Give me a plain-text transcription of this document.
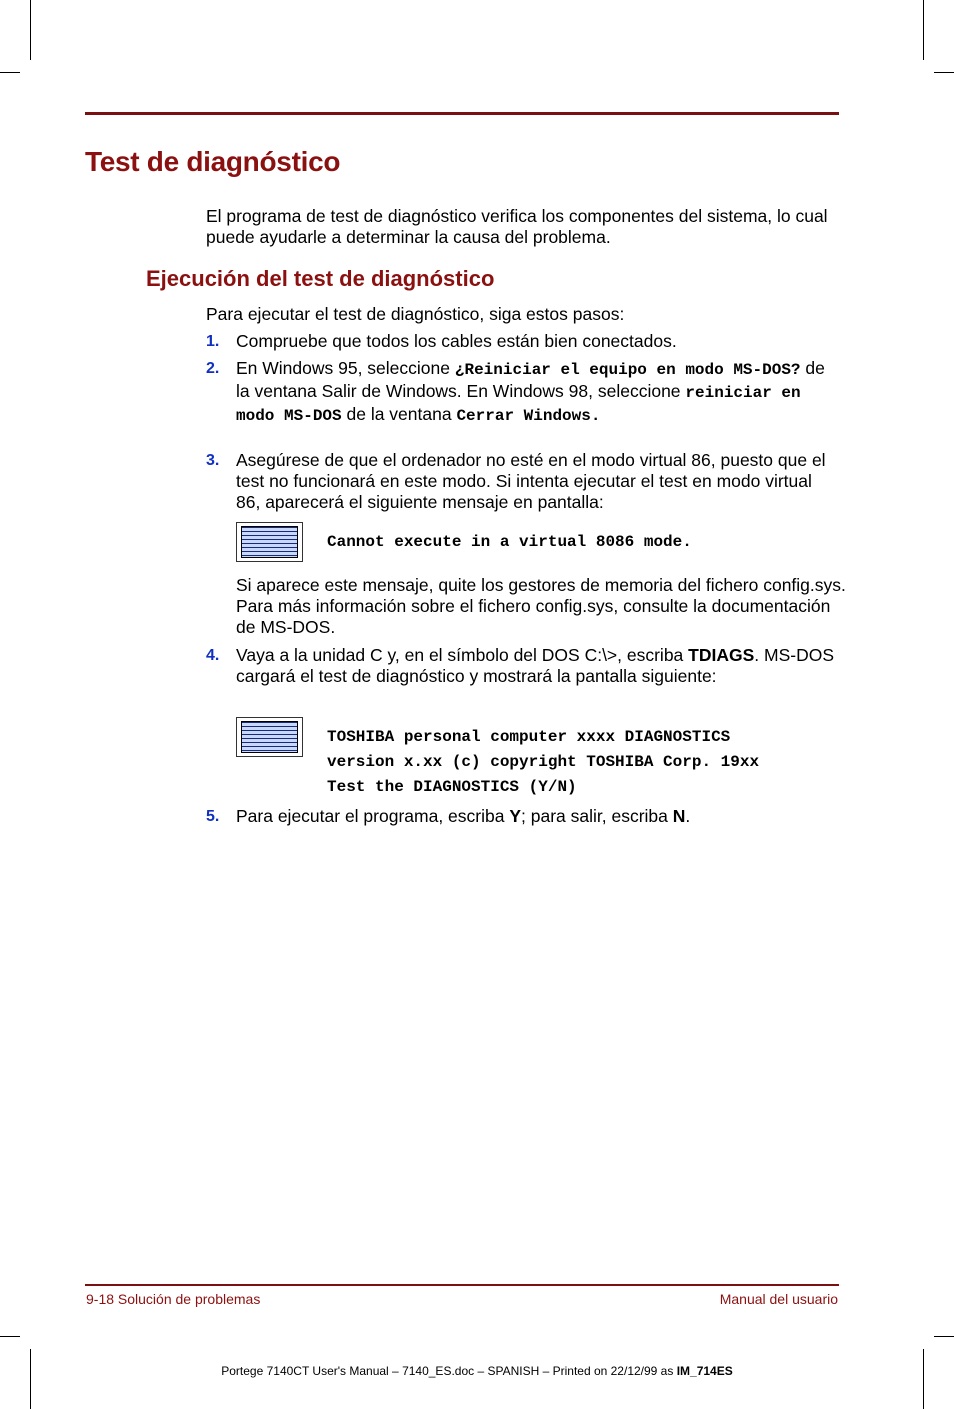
Test de diagnóstico

El programa de test de diagnóstico verifica los componentes del sistema, lo cual puede ayudarle a determinar la causa del problema.

Ejecución del test de diagnóstico

Para ejecutar el test de diagnóstico, siga estos pasos:

1. Compruebe que todos los cables están bien conectados.
2. En Windows 95, seleccione ¿Reiniciar el equipo en modo MS-DOS? de la ventana Salir de Windows. En Windows 98, seleccione reiniciar en modo MS-DOS de la ventana Cerrar Windows.
3. Asegúrese de que el ordenador no esté en el modo virtual 86, puesto que el test no funcionará en este modo. Si intenta ejecutar el test en modo virtual 86, aparecerá el siguiente mensaje en pantalla:
Cannot execute in a virtual 8086 mode.

Si aparece este mensaje, quite los gestores de memoria del fichero config.sys. Para más información sobre el fichero config.sys, consulte la documentación de MS-DOS.

4. Vaya a la unidad C y, en el símbolo del DOS C:\>, escriba TDIAGS. MS-DOS cargará el test de diagnóstico y mostrará la pantalla siguiente:
TOSHIBA personal computer xxxx DIAGNOSTICS
version x.xx (c) copyright TOSHIBA Corp. 19xx
Test the DIAGNOSTICS (Y/N)
5. Para ejecutar el programa, escriba Y; para salir, escriba N.
9-18 Solución de problemas	Manual del usuario
Portege 7140CT User's Manual – 7140_ES.doc – SPANISH – Printed on 22/12/99 as IM_714ES
